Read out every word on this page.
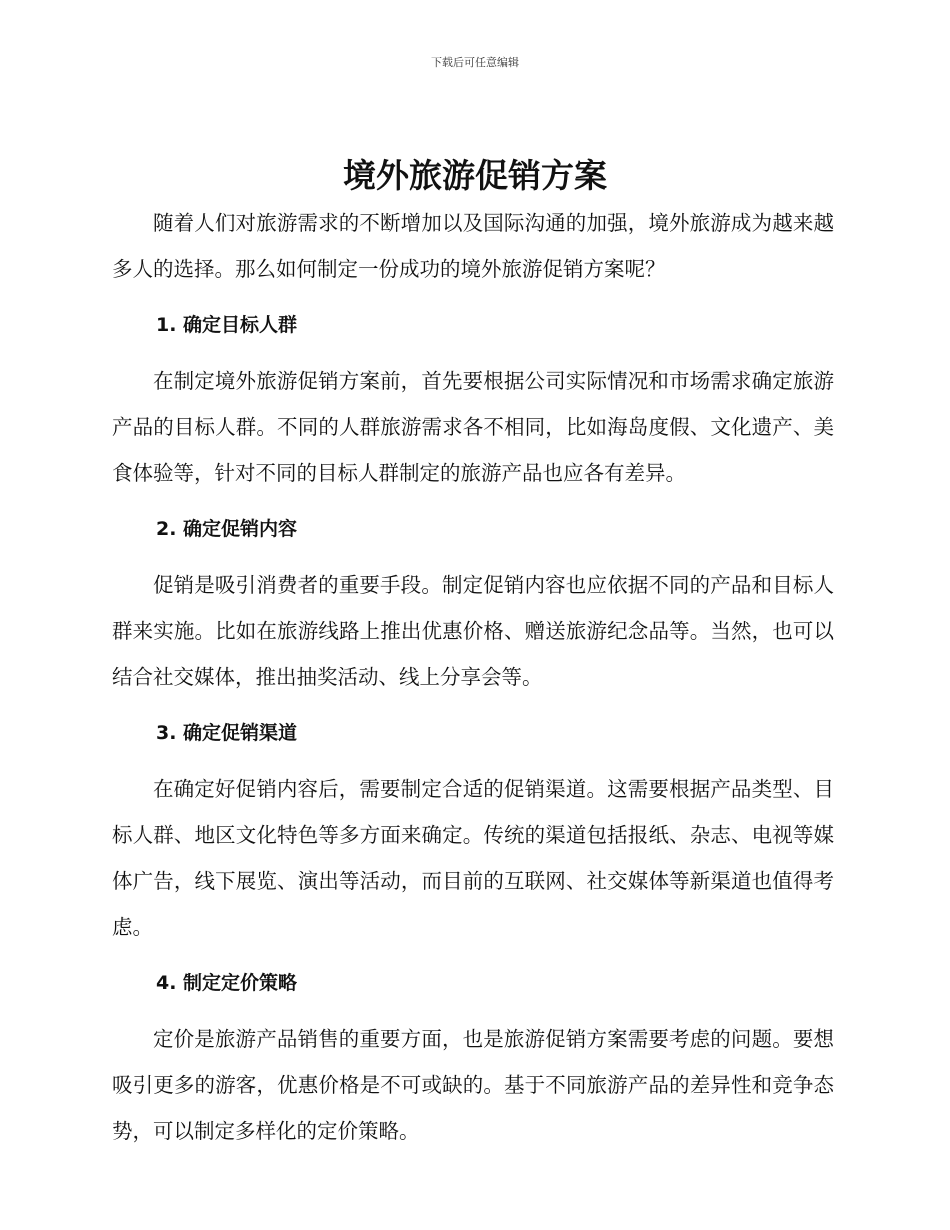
下载后可任意编辑
境外旅游促销方案

随着人们对旅游需求的不断增加以及国际沟通的加强，境外旅游成为越来越多人的选择。那么如何制定一份成功的境外旅游促销方案呢？

1. 确定目标人群

在制定境外旅游促销方案前，首先要根据公司实际情况和市场需求确定旅游产品的目标人群。不同的人群旅游需求各不相同，比如海岛度假、文化遗产、美食体验等，针对不同的目标人群制定的旅游产品也应各有差异。

2. 确定促销内容

促销是吸引消费者的重要手段。制定促销内容也应依据不同的产品和目标人群来实施。比如在旅游线路上推出优惠价格、赠送旅游纪念品等。当然，也可以结合社交媒体，推出抽奖活动、线上分享会等。

3. 确定促销渠道

在确定好促销内容后，需要制定合适的促销渠道。这需要根据产品类型、目标人群、地区文化特色等多方面来确定。传统的渠道包括报纸、杂志、电视等媒体广告，线下展览、演出等活动，而目前的互联网、社交媒体等新渠道也值得考虑。

4. 制定定价策略

定价是旅游产品销售的重要方面，也是旅游促销方案需要考虑的问题。要想吸引更多的游客，优惠价格是不可或缺的。基于不同旅游产品的差异性和竞争态势，可以制定多样化的定价策略。
